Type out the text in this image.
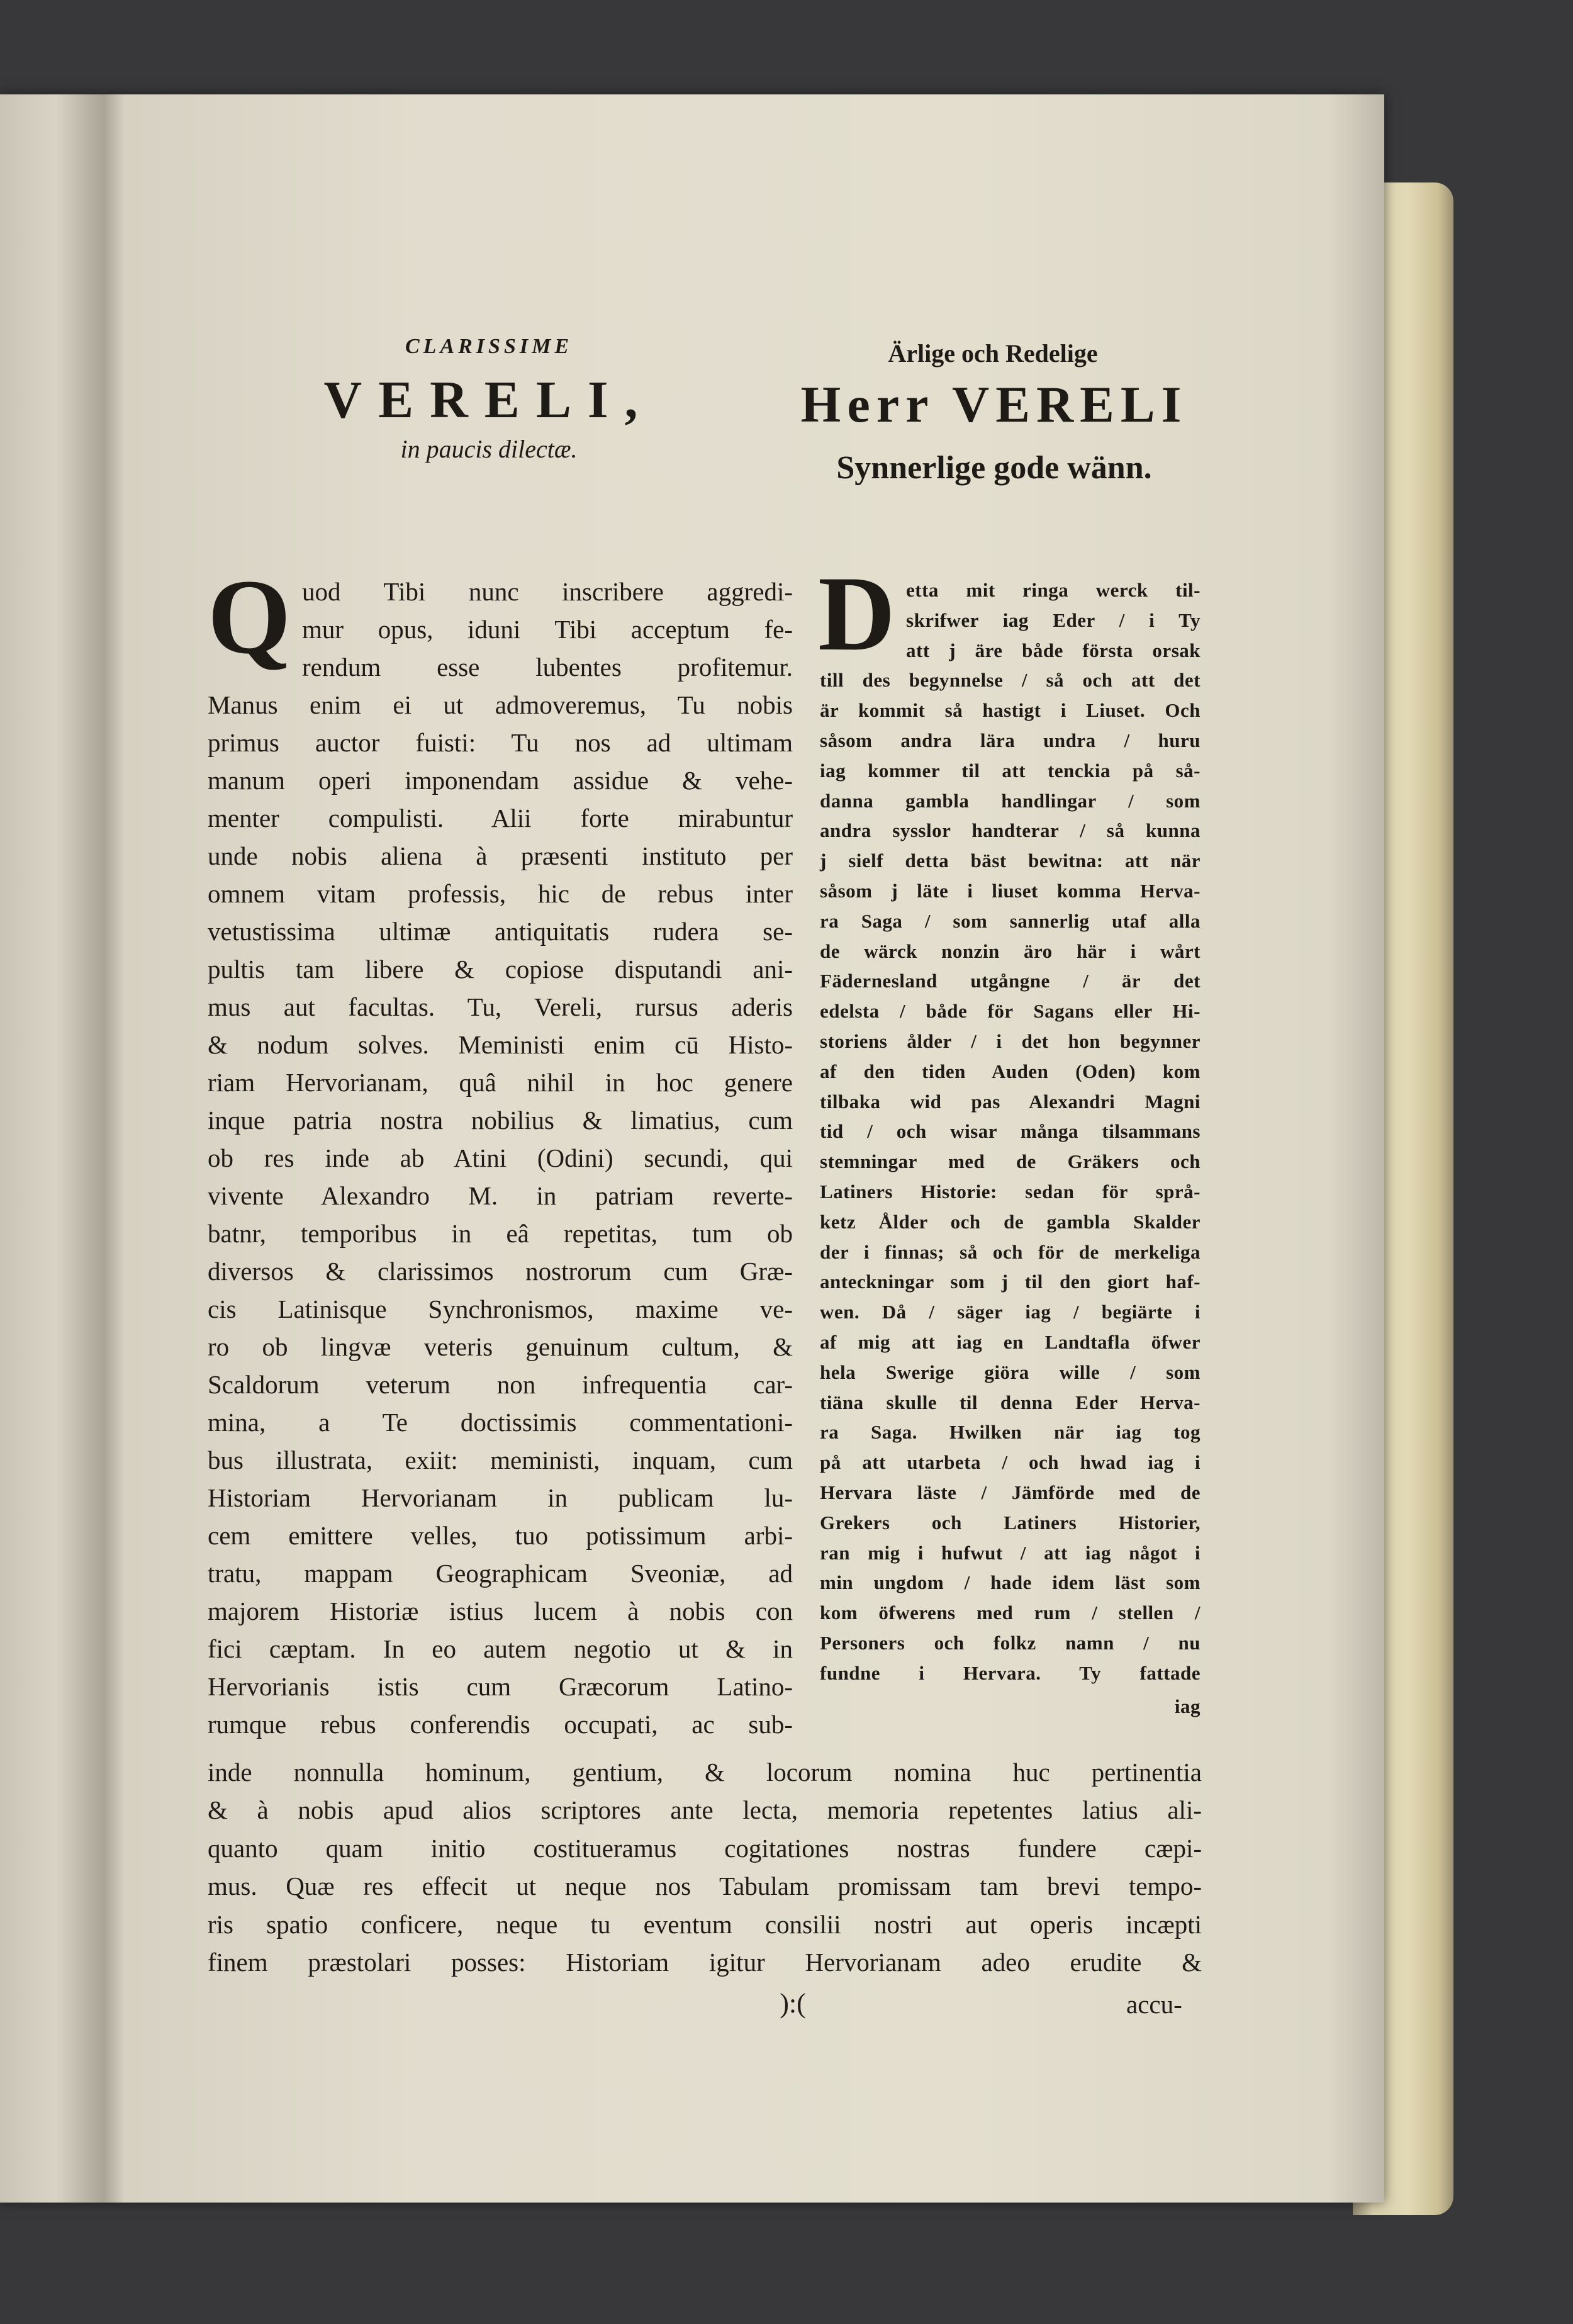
CLARISSIME
VERELI,
in paucis dilectæ.
Ärlige och Redelige
Herr VERELI
Synnerlige gode wänn.
Q	D
uod Tibi nunc inscribere aggredi-
mur opus, iduni Tibi acceptum fe-
rendum esse lubentes profitemur.
Manus enim ei ut admoveremus, Tu nobis
primus auctor fuisti: Tu nos ad ultimam
manum operi imponendam assidue & vehe-
menter compulisti. Alii forte mirabuntur
unde nobis aliena à præsenti instituto per
omnem vitam professis, hic de rebus inter
vetustissima ultimæ antiquitatis rudera se-
pultis tam libere & copiose disputandi ani-
mus aut facultas. Tu, Vereli, rursus aderis
& nodum solves. Meministi enim cū Histo-
riam Hervorianam, quâ nihil in hoc genere
inque patria nostra nobilius & limatius, cum
ob res inde ab Atini (Odini) secundi, qui
vivente Alexandro M. in patriam reverte-
batnr, temporibus in eâ repetitas, tum ob
diversos & clarissimos nostrorum cum Græ-
cis Latinisque Synchronismos, maxime ve-
ro ob lingvæ veteris genuinum cultum, &
Scaldorum veterum non infrequentia car-
mina, a Te doctissimis commentationi-
bus illustrata, exiit: meministi, inquam, cum
Historiam Hervorianam in publicam lu-
cem emittere velles, tuo potissimum arbi-
tratu, mappam Geographicam Sveoniæ, ad
majorem Historiæ istius lucem à nobis con
fici cæptam. In eo autem negotio ut & in
Hervorianis istis cum Græcorum Latino-
rumque rebus conferendis occupati, ac sub-
inde nonnulla hominum, gentium, & locorum nomina huc pertinentia
& à nobis apud alios scriptores ante lecta, memoria repetentes latius ali-
quanto quam initio costitueramus cogitationes nostras fundere cæpi-
mus. Quæ res effecit ut neque nos Tabulam promissam tam brevi tempo-
ris spatio conficere, neque tu eventum consilii nostri aut operis incæpti
finem præstolari posses: Historiam igitur Hervorianam adeo erudite &
etta mit ringa werck til-
skrifwer iag Eder / i Ty
att j äre både första orsak
till des begynnelse / så och att det
är kommit så hastigt i Liuset. Och
såsom andra lära undra / huru
iag kommer til att tenckia på så-
danna gambla handlingar / som
andra sysslor handterar / så kunna
j sielf detta bäst bewitna: att när
såsom j läte i liuset komma Herva-
ra Saga / som sannerlig utaf alla
de wärck nonzin äro här i wårt
Fädernesland utgångne / är det
edelsta / både för Sagans eller Hi-
storiens ålder / i det hon begynner
af den tiden Auden (Oden) kom
tilbaka wid pas Alexandri Magni
tid / och wisar många tilsammans
stemningar med de Gräkers och
Latiners Historie: sedan för språ-
ketz Ålder och de gambla Skalder
der i finnas; så och för de merkeliga
anteckningar som j til den giort haf-
wen. Då / säger iag / begiärte i
af mig att iag en Landtafla öfwer
hela Swerige giöra wille / som
tiäna skulle til denna Eder Herva-
ra Saga. Hwilken när iag tog
på att utarbeta / och hwad iag i
Hervara läste / Jämförde med de
Grekers och Latiners Historier,
ran mig i hufwut / att iag något i
min ungdom / hade idem läst som
kom öfwerens med rum / stellen /
Personers och folkz namn / nu
fundne i Hervara. Ty fattade
accu-
):(
iag
